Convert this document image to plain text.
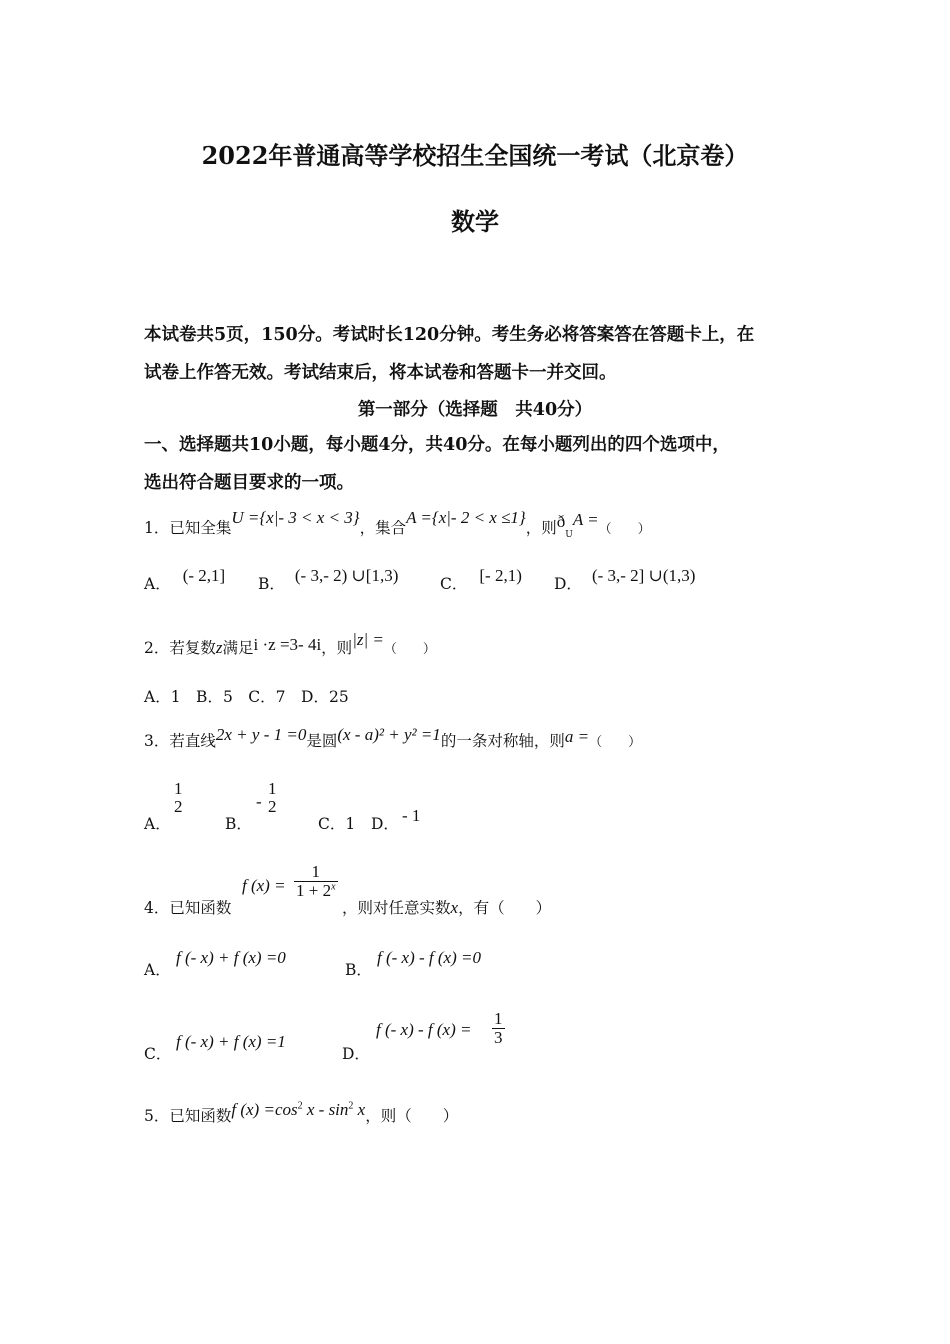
2022年普通高等学校招生全国统一考试（北京卷）
数学
本试卷共5页，150分。考试时长120分钟。考生务必将答案答在答题卡上，在
试卷上作答无效。考试结束后，将本试卷和答题卡一并交回。
第一部分（选择题　共40分）
一、选择题共10小题，每小题4分，共40分。在每小题列出的四个选项中，
选出符合题目要求的一项。
1．已知全集U ={x|- 3 < x < 3}，集合A ={x|- 2 < x ≤1}，则$ð_UA$ =（　　）
A． (- 2,1] B． (- 3,- 2) ∪[1,3)	C． [- 2,1) D． (- 3,- 2] ∪(1,3)
2．若复数z满足i ·z =3- 4i，则|z| =（　　）
A．1　B．5　C．7　D．25
3．若直线2x + y - 1 =0是圆(x - a)² + y² =1的一条对称轴，则a =（　　）
A．
1
2
B．
-
1
2
C．1 D． - 1
4．已知函数
f $(x) = \frac{1}{1 + 2^x}$
，则对任意实数x，有（　　）
A．
f (- x) + f (x) =0
B．
f (- x) - f (x) =0
C．
f (- x) + f (x) =1
D．
f (- x) - f $(x) = \frac{1}{3}$
5．已知函数f $(x) =\cos^2$ x - $\sin^2 x$，则（　　）
